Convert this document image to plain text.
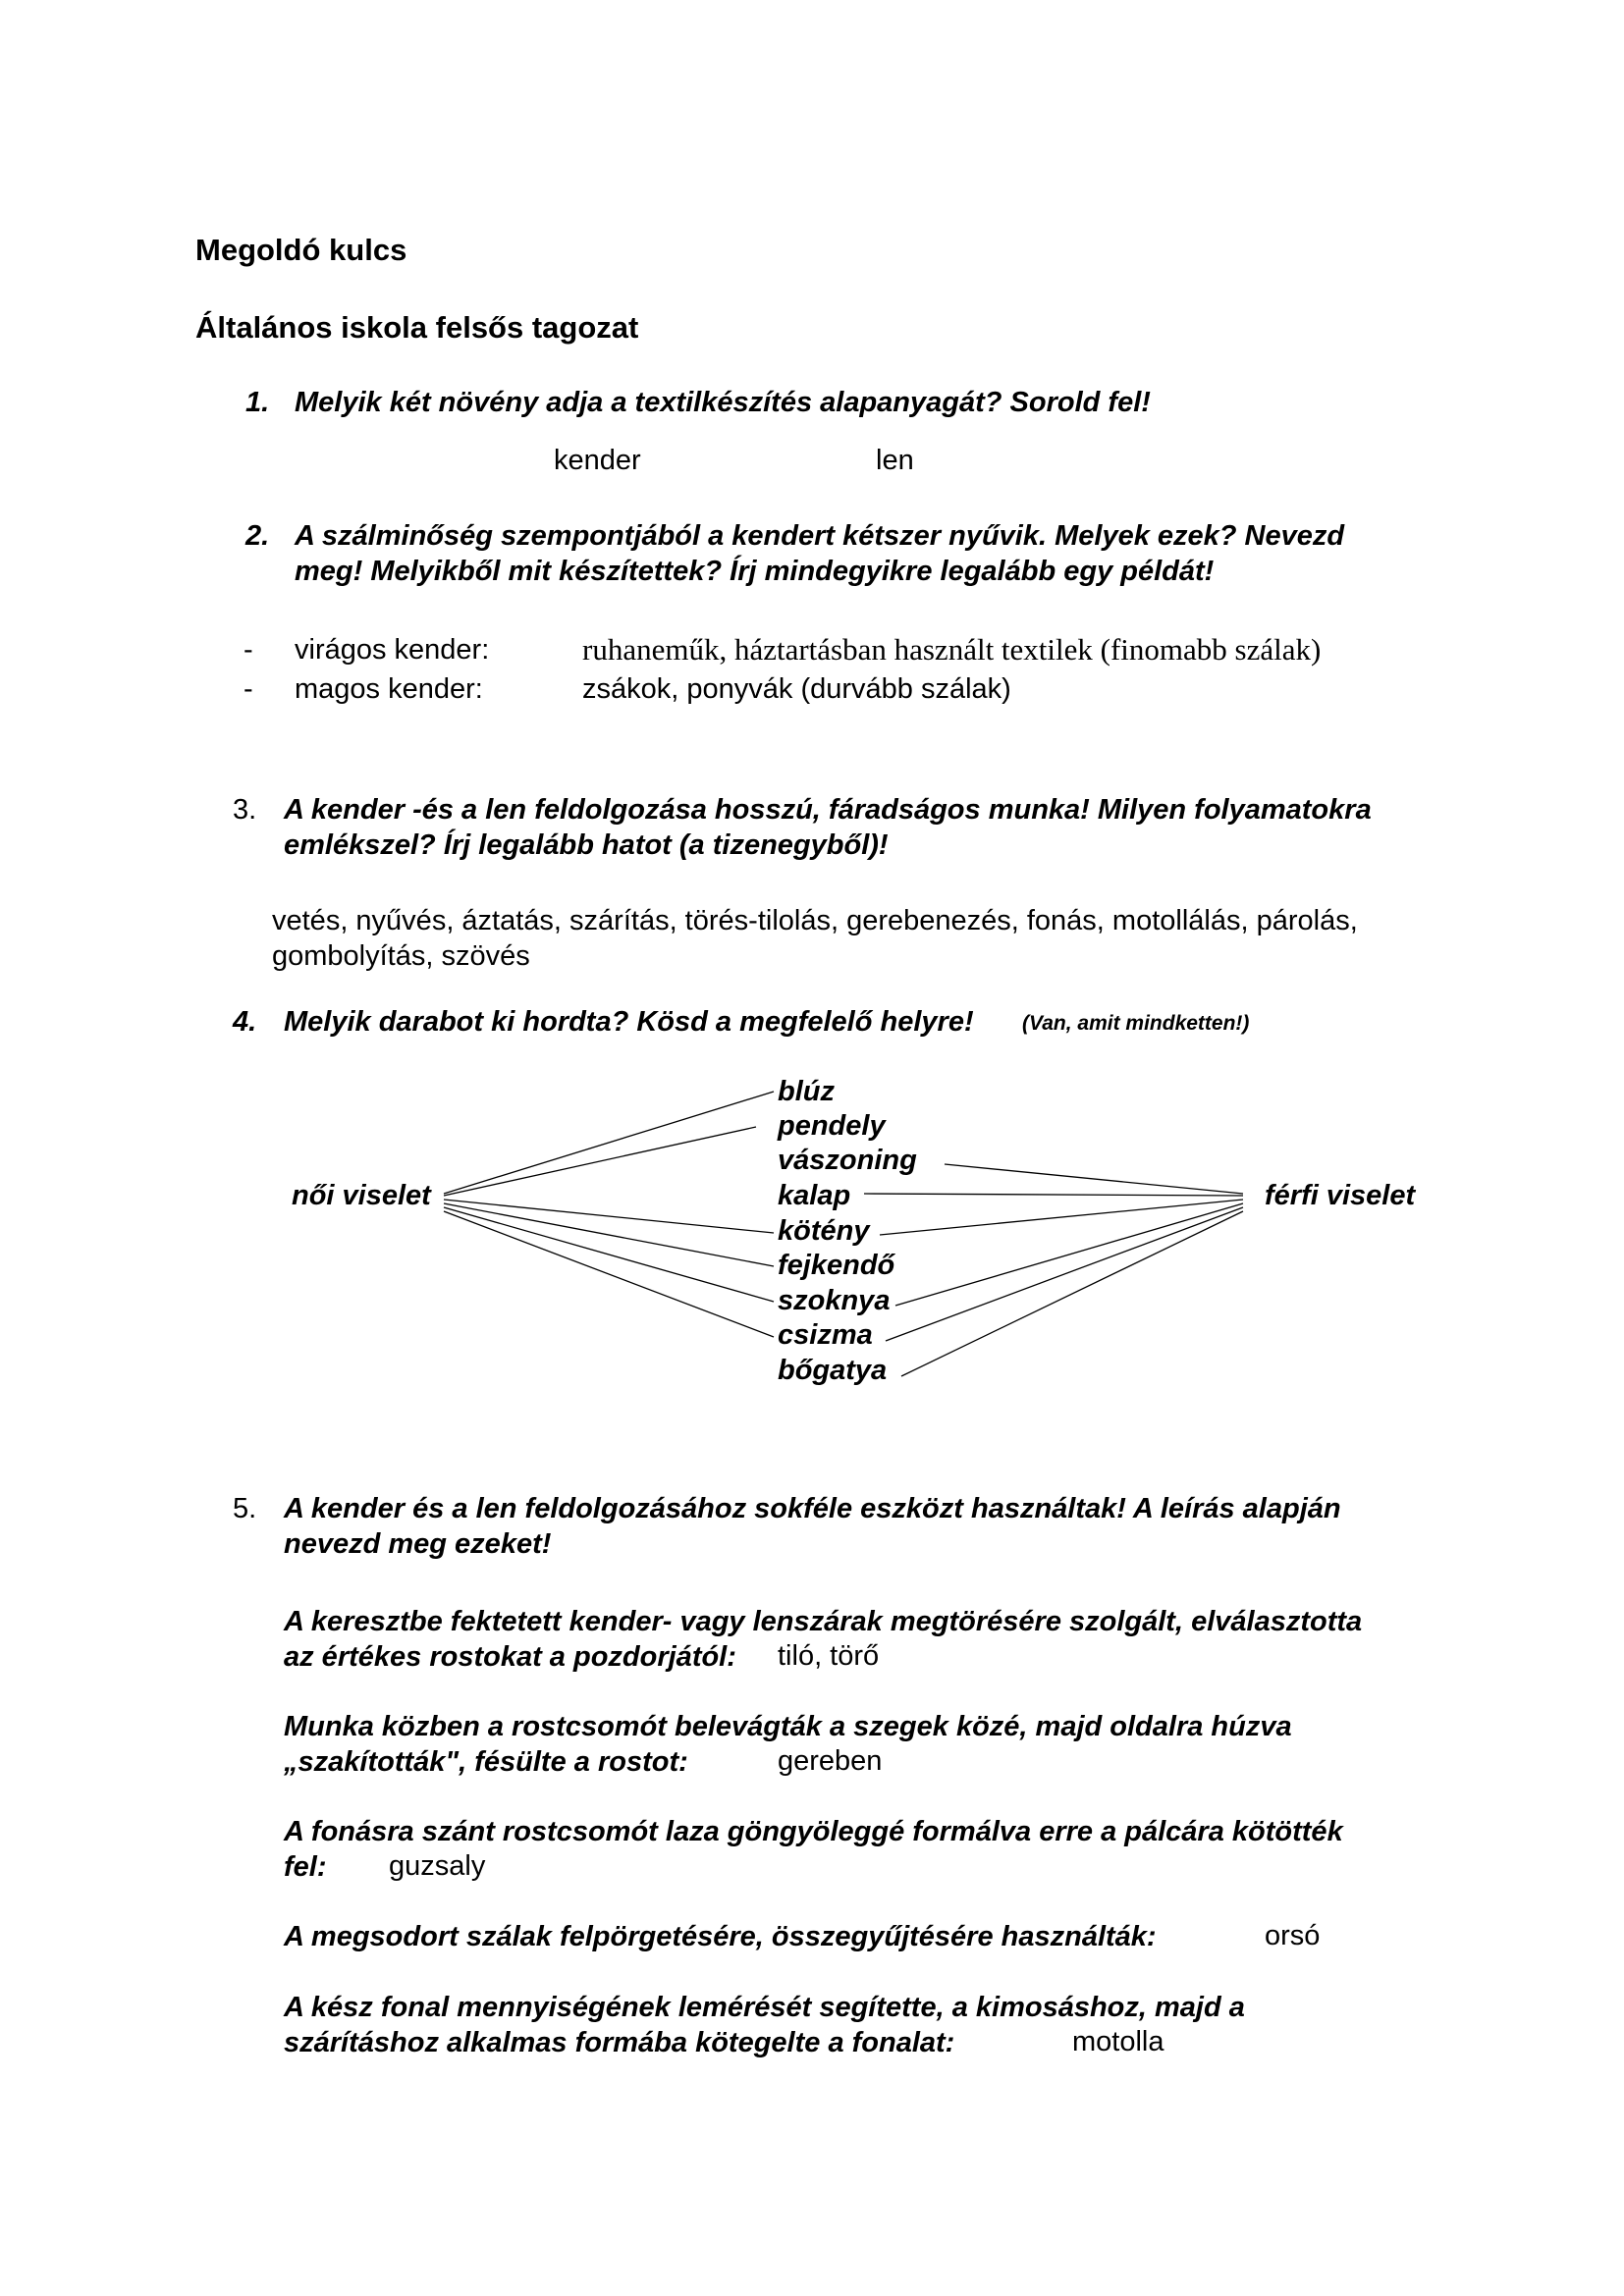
Megoldó kulcs
Általános iskola felsős tagozat
1. Melyik két növény adja a textilkészítés alapanyagát? Sorold fel!
kender	len
2. A szálminőség szempontjából a kendert kétszer nyűvik. Melyek ezek? Nevezd
meg! Melyikből mit készítettek? Írj mindegyikre legalább egy példát!
- virágos kender:	ruhaneműk, háztartásban használt textilek (finomabb szálak)
- magos kender:	zsákok, ponyvák (durvább szálak)
3. A kender -és a len feldolgozása hosszú, fáradságos munka! Milyen folyamatokra
emlékszel? Írj legalább hatot (a tizenegyből)!
vetés, nyűvés, áztatás, szárítás, törés-tilolás, gerebenezés, fonás, motollálás, párolás,
gombolyítás, szövés
4. Melyik darabot ki hordta? Kösd a megfelelő helyre! (Van, amit mindketten!)
női viselet	férfi viselet
blúz
pendely
vászoning
kalap
kötény
fejkendő
szoknya
csizma
bőgatya
5. A kender és a len feldolgozásához sokféle eszközt használtak! A leírás alapján
nevezd meg ezeket!
A keresztbe fektetett kender- vagy lenszárak megtörésére szolgált, elválasztotta
az értékes rostokat a pozdorjától: tiló, törő
Munka közben a rostcsomót belevágták a szegek közé, majd oldalra húzva
„szakították", fésülte a rostot:	gereben
A fonásra szánt rostcsomót laza göngyöleggé formálva erre a pálcára kötötték
fel: guzsaly
A megsodort szálak felpörgetésére, összegyűjtésére használták:	orsó
A kész fonal mennyiségének lemérését segítette, a kimosáshoz, majd a
szárításhoz alkalmas formába kötegelte a fonalat:	motolla
